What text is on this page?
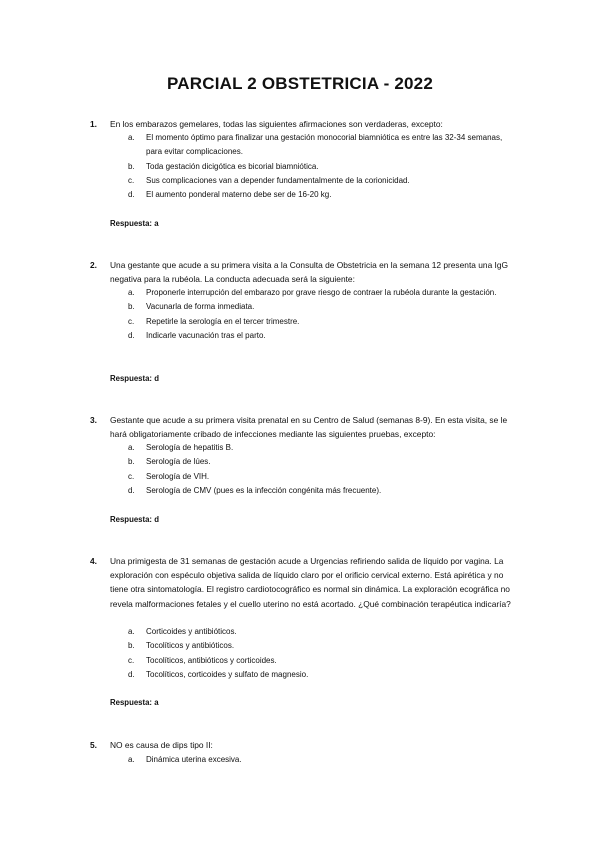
PARCIAL 2 OBSTETRICIA - 2022
1. En los embarazos gemelares, todas las siguientes afirmaciones son verdaderas, excepto:

a. El momento óptimo para finalizar una gestación monocorial biamniótica es entre las 32-34 semanas, para evitar complicaciones.
b. Toda gestación dicigótica es bicorial biamniótica.
c. Sus complicaciones van a depender fundamentalmente de la corionicidad.
d. El aumento ponderal materno debe ser de 16-20 kg.
Respuesta: a
2. Una gestante que acude a su primera visita a la Consulta de Obstetricia en la semana 12 presenta una IgG negativa para la rubéola. La conducta adecuada será la siguiente:

a. Proponerle interrupción del embarazo por grave riesgo de contraer la rubéola durante la gestación.
b. Vacunarla de forma inmediata.
c. Repetirle la serología en el tercer trimestre.
d. Indicarle vacunación tras el parto.
Respuesta: d
3. Gestante que acude a su primera visita prenatal en su Centro de Salud (semanas 8-9). En esta visita, se le hará obligatoriamente cribado de infecciones mediante las siguientes pruebas, excepto:

a. Serología de hepatitis B.
b. Serología de lúes.
c. Serología de VIH.
d. Serología de CMV (pues es la infección congénita más frecuente).
Respuesta: d
4. Una primigesta de 31 semanas de gestación acude a Urgencias refiriendo salida de líquido por vagina. La exploración con espéculo objetiva salida de líquido claro por el orificio cervical externo. Está apirética y no tiene otra sintomatología. El registro cardiotocográfico es normal sin dinámica. La exploración ecográfica no revela malformaciones fetales y el cuello uterino no está acortado. ¿Qué combinación terapéutica indicaría?

a. Corticoides y antibióticos.
b. Tocolíticos y antibióticos.
c. Tocolíticos, antibióticos y corticoides.
d. Tocolíticos, corticoides y sulfato de magnesio.
Respuesta: a
5. NO es causa de dips tipo II:

a. Dinámica uterina excesiva.
